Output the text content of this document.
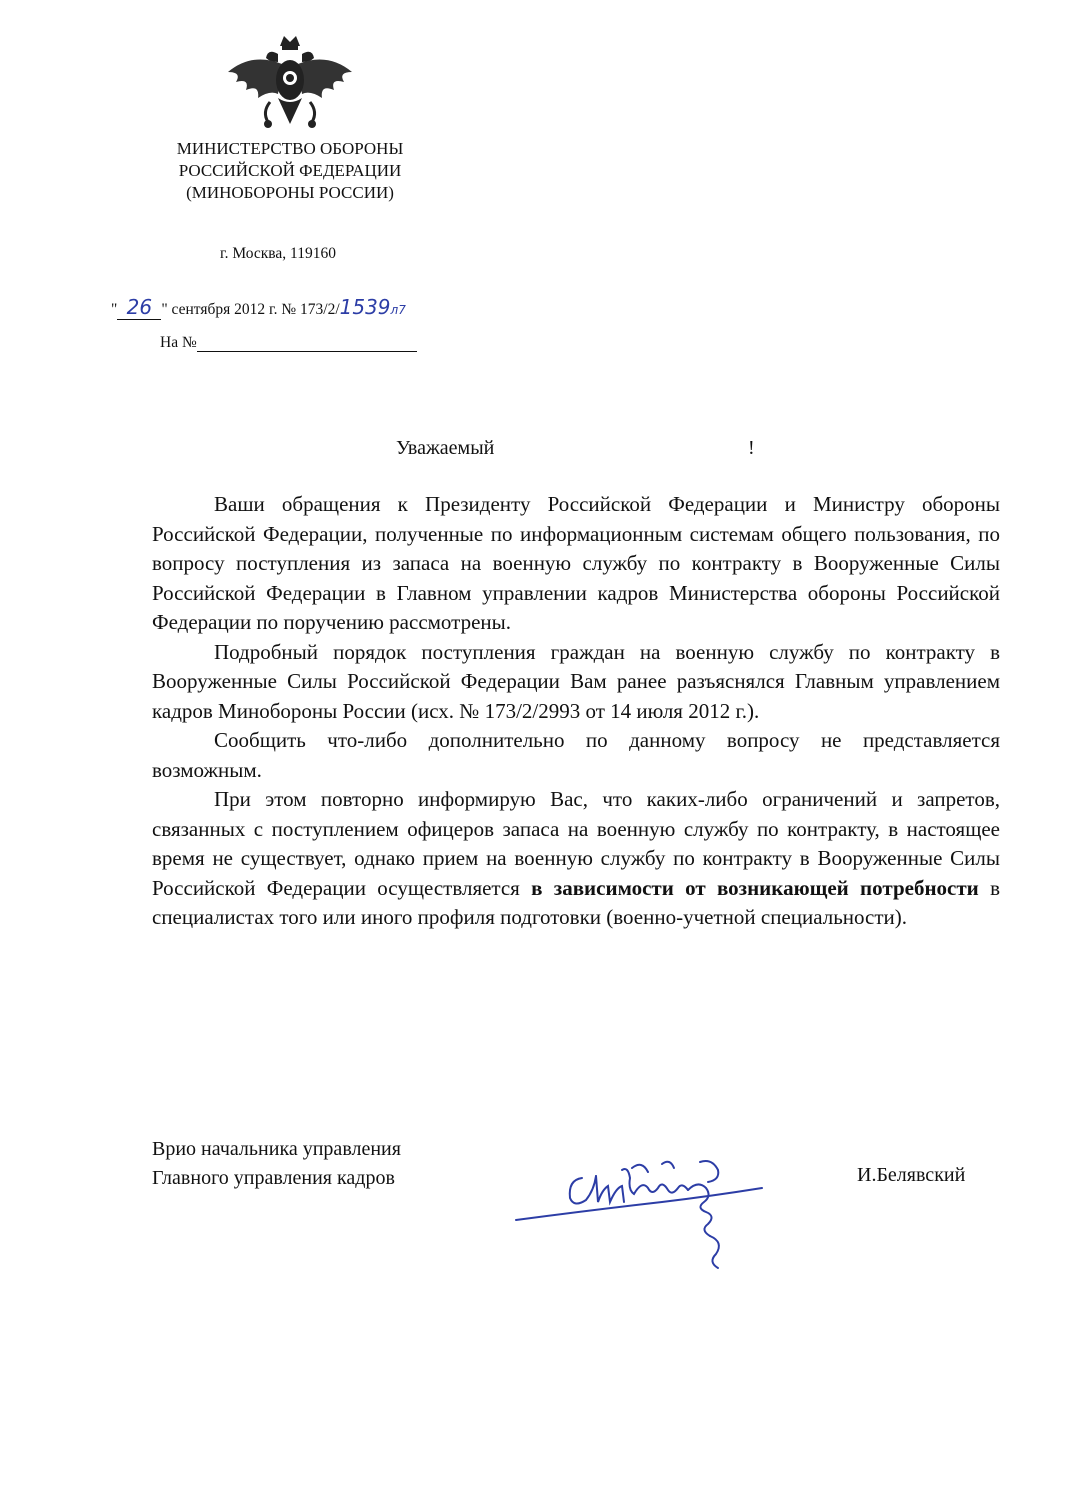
МИНИСТЕРСТВО ОБОРОНЫ
РОССИЙСКОЙ ФЕДЕРАЦИИ
(МИНОБОРОНЫ РОССИИ)
г. Москва, 119160
" 26 " сентября 2012 г. № 173/2/1539л7
На №
Уважаемый	!

Ваши обращения к Президенту Российской Федерации и Министру обороны Российской Федерации, полученные по информационным системам общего пользования, по вопросу поступления из запаса на военную службу по контракту в Вооруженные Силы Российской Федерации в Главном управлении кадров Министерства обороны Российской Федерации по поручению рассмотрены.

Подробный порядок поступления граждан на военную службу по контракту в Вооруженные Силы Российской Федерации Вам ранее разъяснялся Главным управлением кадров Минобороны России (исх. № 173/2/2993 от 14 июля 2012 г.).

Сообщить что-либо дополнительно по данному вопросу не представляется возможным.

При этом повторно информирую Вас, что каких-либо ограничений и запретов, связанных с поступлением офицеров запаса на военную службу по контракту, в настоящее время не существует, однако прием на военную службу по контракту в Вооруженные Силы Российской Федерации осуществляется в зависимости от возникающей потребности в специалистах того или иного профиля подготовки (военно-учетной специальности).

Врио начальника управления
Главного управления кадров	И.Белявский
